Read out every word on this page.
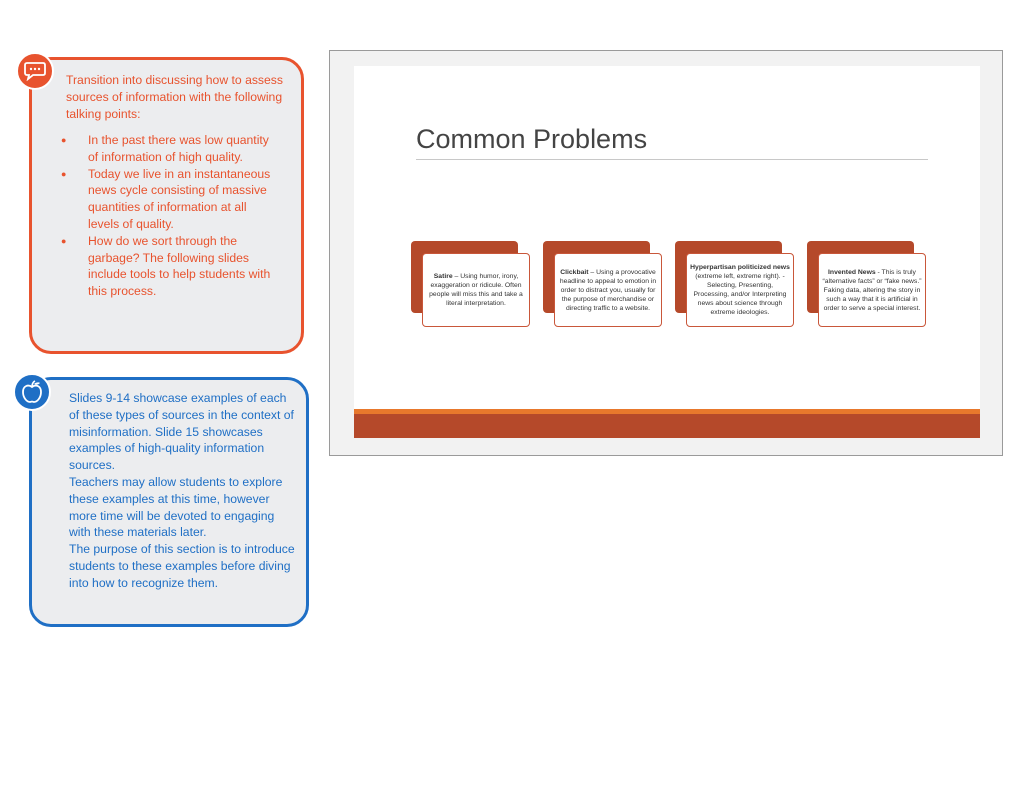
Transition into discussing how to assess sources of information with the following talking points:
● In the past there was low quantity of information of high quality.
● Today we live in an instantaneous news cycle consisting of massive quantities of information at all levels of quality.
● How do we sort through the garbage? The following slides include tools to help students with this process.

Slides 9-14 showcase examples of each of these types of sources in the context of misinformation. Slide 15 showcases examples of high-quality information sources.

Teachers may allow students to explore these examples at this time, however more time will be devoted to engaging with these materials later.

The purpose of this section is to introduce students to these examples before diving into how to recognize them.

Common Problems
Satire – Using humor, irony, exaggeration or ridicule. Often people will miss this and take a literal interpretation.
Clickbait – Using a provocative headline to appeal to emotion in order to distract you, usually for the purpose of merchandise or directing traffic to a website.
Hyperpartisan politicized news (extreme left, extreme right). - Selecting, Presenting, Processing, and/or Interpreting news about science through extreme ideologies.
Invented News - This is truly “alternative facts” or “fake news.” Faking data, altering the story in such a way that it is artificial in order to serve a special interest.
